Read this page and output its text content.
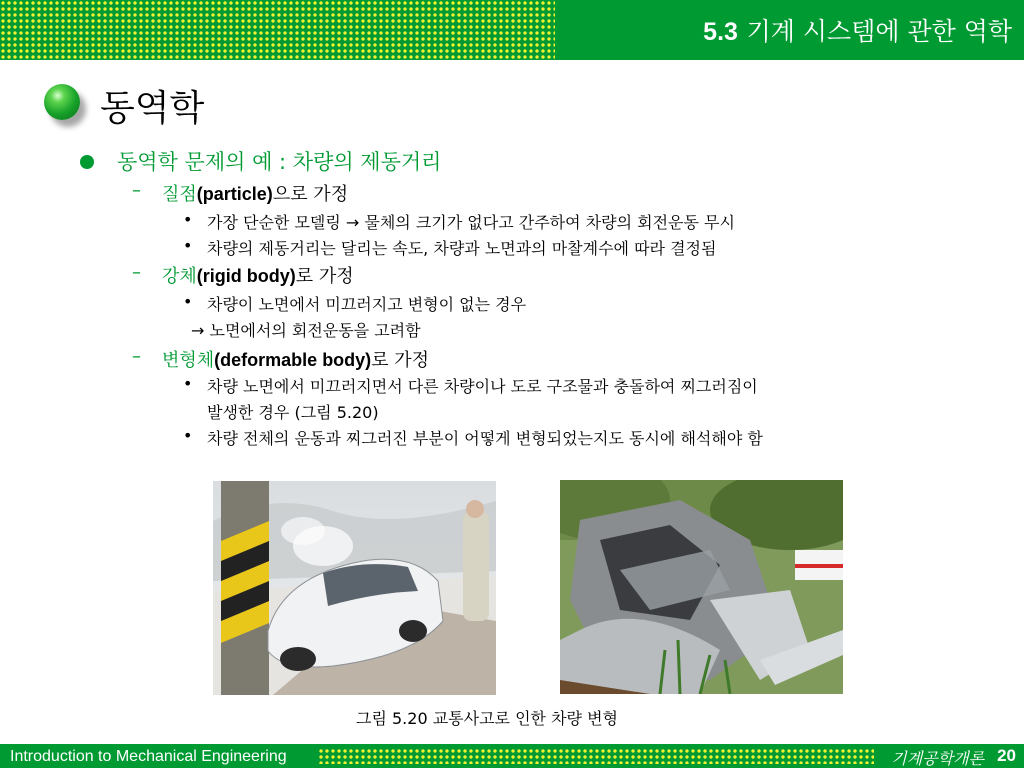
5.3 기계 시스템에 관한 역학
동역학
동역학 문제의 예 : 차량의 제동거리
– 질점(particle)으로 가정
• 가장 단순한 모델링 → 물체의 크기가 없다고 간주하여 차량의 회전운동 무시
• 차량의 제동거리는 달리는 속도, 차량과 노면과의 마찰계수에 따라 결정됨
– 강체(rigid body)로 가정
• 차량이 노면에서 미끄러지고 변형이 없는 경우
→ 노면에서의 회전운동을 고려함
– 변형체(deformable body)로 가정
• 차량 노면에서 미끄러지면서 다른 차량이나 도로 구조물과 충돌하여 찌그러짐이
발생한 경우 (그림 5.20)
• 차량 전체의 운동과 찌그러진 부분이 어떻게 변형되었는지도 동시에 해석해야 함
그림 5.20 교통사고로 인한 차량 변형
Introduction to Mechanical Engineering	기계공학개론 20
